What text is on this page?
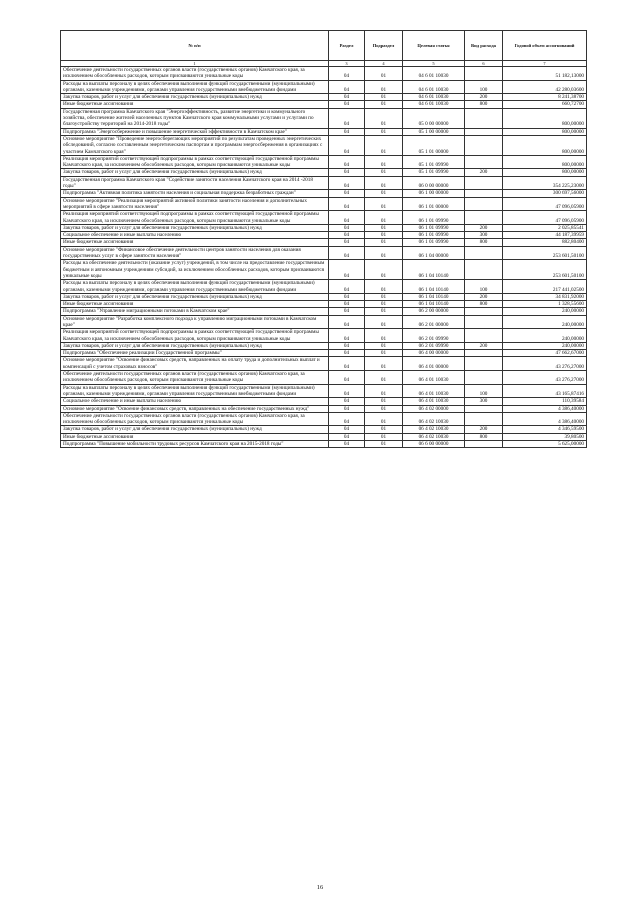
№ п/п	Раздел	Подраздел	Целевая статья	Вид расхода	Годовой объем ассигнований
1	3	4	5	6	7
Обеспечение деятельности государственных органов власти (государственных органов) Камчатского края, за исключением обособленных расходов, которым присваиваются уникальные коды	04	01	04 6 01 10030		51 182,13000
Расходы на выплаты персоналу в целях обеспечения выполнения функций государственными (муниципальными) органами, казенными учреждениями, органами управления государственными внебюджетными фондами	04	01	04 6 01 10030	100	42 280,03600
Закупка товаров, работ и услуг для обеспечения государственных (муниципальных) нужд	04	01	04 6 01 10030	200	8 241,38700
Иные бюджетные ассигнования	04	01	04 6 01 10030	800	660,72700
Государственная программа Камчатского края "Энергоэффективность, развитие энергетики и коммунального хозяйства, обеспечение жителей населенных пунктов Камчатского края коммунальными услугами и услугами по благоустройству территорий на 2014-2018 годы"	04	01	05 0 00 00000		800,00000
Подпрограмма "Энергосбережение и повышение энергетической эффективности в Камчатском крае"	04	01	05 1 00 00000		800,00000
Основное мероприятие "Проведение энергосберегающих мероприятий по результатам проведенных энергетических обследований, согласно составленным энергетическим паспортам и программам энергосбережения в организациях с участием Камчатского края"	04	01	05 1 01 00000		800,00000
Реализация мероприятий соответствующей подпрограммы в рамках соответствующей государственной программы Камчатского края, за исключением обособленных расходов, которым присваиваются уникальные коды	04	01	05 1 01 09990		800,00000
Закупка товаров, работ и услуг для обеспечения государственных (муниципальных) нужд	04	01	05 1 01 09990	200	800,00000
Государственная программа Камчатского края "Содействие занятости населения Камчатского края на 2014 -2018 годы"	04	01	06 0 00 00000		354 225,23000
Подпрограмма "Активная политика занятости населения и социальная поддержка безработных граждан"	04	01	06 1 00 00000		300 697,56000
Основное мероприятие "Реализация мероприятий активной политики занятости населения и дополнительных мероприятий в сфере занятости населения"	04	01	06 1 01 00000		47 096,05900
Реализация мероприятий соответствующей подпрограммы в рамках соответствующей государственной программы Камчатского края, за исключением обособленных расходов, которым присваиваются уникальные коды	04	01	06 1 01 09990		47 096,05900
Закупка товаров, работ и услуг для обеспечения государственных (муниципальных) нужд	04	01	06 1 01 09990	200	2 025,85541
Социальное обеспечение и иные выплаты населению	04	01	06 1 01 09990	300	44 187,39959
Иные бюджетные ассигнования	04	01	06 1 01 09990	800	882,80400
Основное мероприятие "Финансовое обеспечение деятельности центров занятости населения для оказания государственных услуг в сфере занятости населения"	04	01	06 1 04 00000		253 601,50100
Расходы на обеспечение деятельности (оказание услуг) учреждений, в том числе на предоставление государственным бюджетным и автономным учреждениям субсидий, за исключением обособленных расходов, которым присваиваются уникальные коды	04	01	06 1 04 10140		253 601,50100
Расходы на выплаты персоналу в целях обеспечения выполнения функций государственными (муниципальными) органами, казенными учреждениями, органами управления государственными внебюджетными фондами	04	01	06 1 04 10140	100	217 441,02500
Закупка товаров, работ и услуг для обеспечения государственных (муниципальных) нужд	04	01	06 1 04 10140	200	34 831,92000
Иные бюджетные ассигнования	04	01	06 1 04 10140	800	1 328,55600
Подпрограмма "Управление миграционными потоками в Камчатском крае"	04	01	06 2 00 00000		240,00000
Основное мероприятие "Разработка комплексного подхода к управлению миграционными потоками в Камчатском крае"	04	01	06 2 01 00000		240,00000
Реализация мероприятий соответствующей подпрограммы в рамках соответствующей государственной программы Камчатского края, за исключением обособленных расходов, которым присваиваются уникальные коды	04	01	06 2 01 09990		240,00000
Закупка товаров, работ и услуг для обеспечения государственных (муниципальных) нужд	04	01	06 2 01 09990	200	240,00000
Подпрограмма "Обеспечение реализации Государственной программы"	04	01	06 4 00 00000		47 662,67000
Основное мероприятие "Освоение финансовых средств, направленных на оплату труда и дополнительных выплат и компенсаций с учетом страховых взносов"	04	01	06 4 01 00000		43 276,27000
Обеспечение деятельности государственных органов власти (государственных органов) Камчатского края, за исключением обособленных расходов, которым присваиваются уникальные коды	04	01	06 4 01 10030		43 276,27000
Расходы на выплаты персоналу в целях обеспечения выполнения функций государственными (муниципальными) органами, казенными учреждениями, органами управления государственными внебюджетными фондами	04	01	06 4 01 10030	100	43 165,87416
Социальное обеспечение и иные выплаты населению	04	01	06 4 01 10030	300	110,39584
Основное мероприятие "Освоение финансовых средств, направленных на обеспечение государственных нужд"	04	01	06 4 02 00000		4 386,40000
Обеспечение деятельности государственных органов власти (государственных органов) Камчатского края, за исключением обособленных расходов, которым присваиваются уникальные коды	04	01	06 4 02 10030		4 386,40000
Закупка товаров, работ и услуг для обеспечения государственных (муниципальных) нужд	04	01	06 4 02 10030	200	4 346,59500
Иные бюджетные ассигнования	04	01	06 4 02 10030	800	39,80500
Подпрограмма "Повышение мобильности трудовых ресурсов Камчатского края на 2015-2018 годы"	04	01	06 6 00 00000		5 625,00000
16
